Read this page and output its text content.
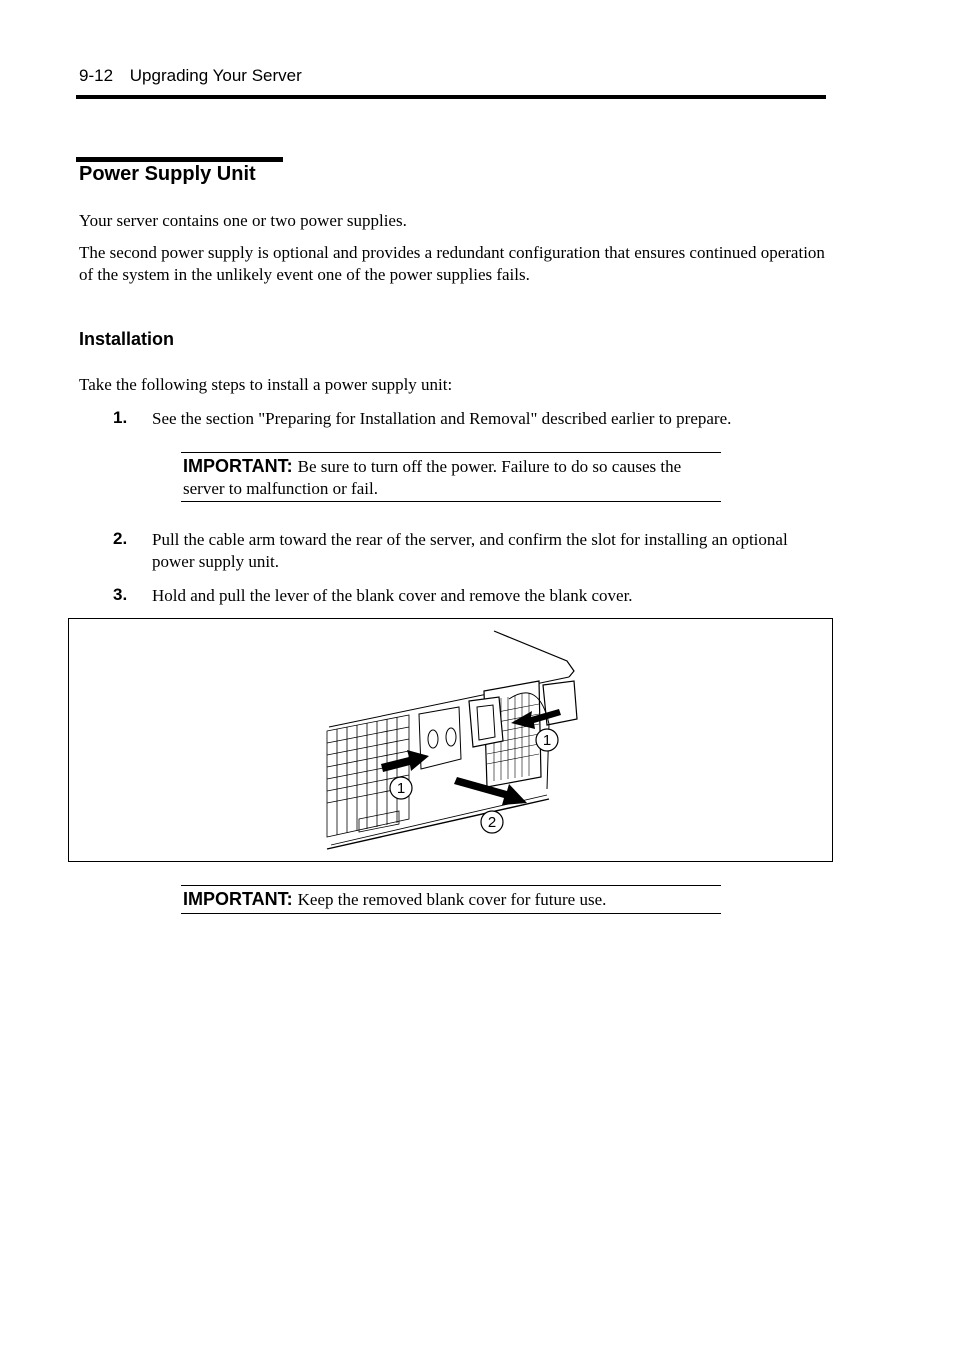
9-12 Upgrading Your Server
Power Supply Unit
Your server contains one or two power supplies.
The second power supply is optional and provides a redundant configuration that ensures continued operation of the system in the unlikely event one of the power supplies fails.
Installation
Take the following steps to install a power supply unit:
1. See the section "Preparing for Installation and Removal" described earlier to prepare.
IMPORTANT: Be sure to turn off the power. Failure to do so causes the server to malfunction or fail.
2. Pull the cable arm toward the rear of the server, and confirm the slot for installing an optional power supply unit.
3. Hold and pull the lever of the blank cover and remove the blank cover.
1
1
2
IMPORTANT: Keep the removed blank cover for future use.
